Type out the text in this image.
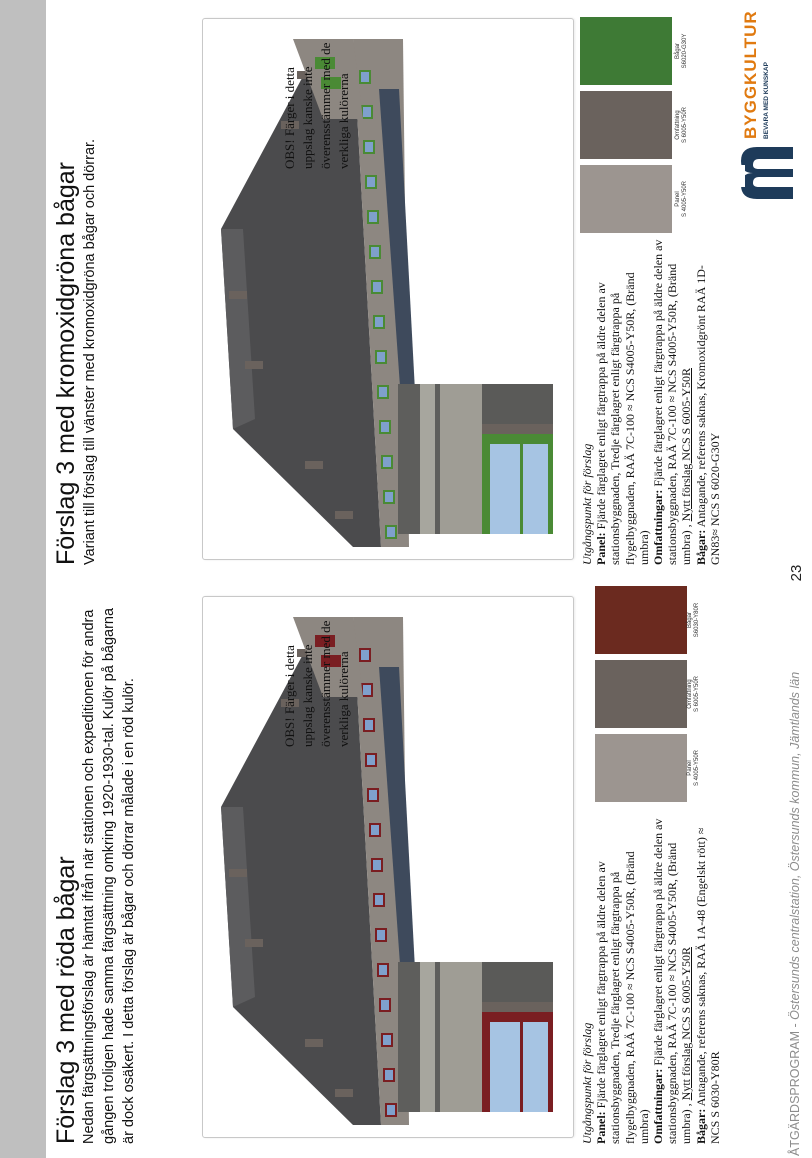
Förslag 3 med röda bågar Nedan färgsättningsförslag är hämtat ifrån när stationen och expeditionen för andra gången troligen hade samma färgsättning omkring 1920-1930-tal. Kulör på bågarna är dock osäkert. I detta förslag är bågar och dörrar målade i en röd kulör.	OBS! Färger i detta uppslag kanske inte överensstämmer med de verkliga kulörerna

Utgångspunkt för förslag Panel: Fjärde färglagret enligt färgtrappa på äldre delen av stationsbyggnaden, Tredje färglagret enligt färgtrappa på flygelbyggnaden, RAÄ 7C-100 ≈ NCS S4005-Y50R, (Bränd umbra) Omfattningar: Fjärde färglagret enligt färgtrappa på äldre delen av stationsbyggnaden, RAÄ 7C-100 ≈ NCS S4005-Y50R, (Bränd umbra) , Nytt förslag NCS S 6005-Y50R

Bågar: Antagande, referens saknas, RAÄ 1A-48 (Engelskt rött) ≈ NCS S 6030-Y80R

Panel S 4005-Y50R
Omfattning S 6005-Y50R
Bågar S6030-Y80R
Förslag 3 med kromoxidgröna bågar Variant till förslag till vänster med kromoxidgröna bågar och dörrar.

OBS! Färger i detta uppslag kanske inte överensstämmer med de verkliga kulörerna

Utgångspunkt för förslag Panel: Fjärde färglagret enligt färgtrappa på äldre delen av stationsbyggnaden, Tredje färglagret enligt färgtrappa på flygelbyggnaden, RAÄ 7C-100 ≈ NCS S4005-Y50R, (Bränd umbra) Omfattningar: Fjärde färglagret enligt färgtrappa på äldre delen av stationsbyggnaden, RAÄ 7C-100 ≈ NCS S4005-Y50R, (Bränd umbra) , Nytt förslag NCS S 6005-Y50R

Bågar: Antagande, referens saknas, Kromoxidgrönt RAÄ 1D-GN83≈ NCS S 6020-G30Y

Panel S 4005-Y50R
Omfattning S 6005-Y50R
Bågar S6020-G30Y	BYGGKULTUR BEVARA MED KUNSKAP
ÅTGÄRDSPROGRAM - Östersunds centralstation, Östersunds kommun, Jämtlands län
23
